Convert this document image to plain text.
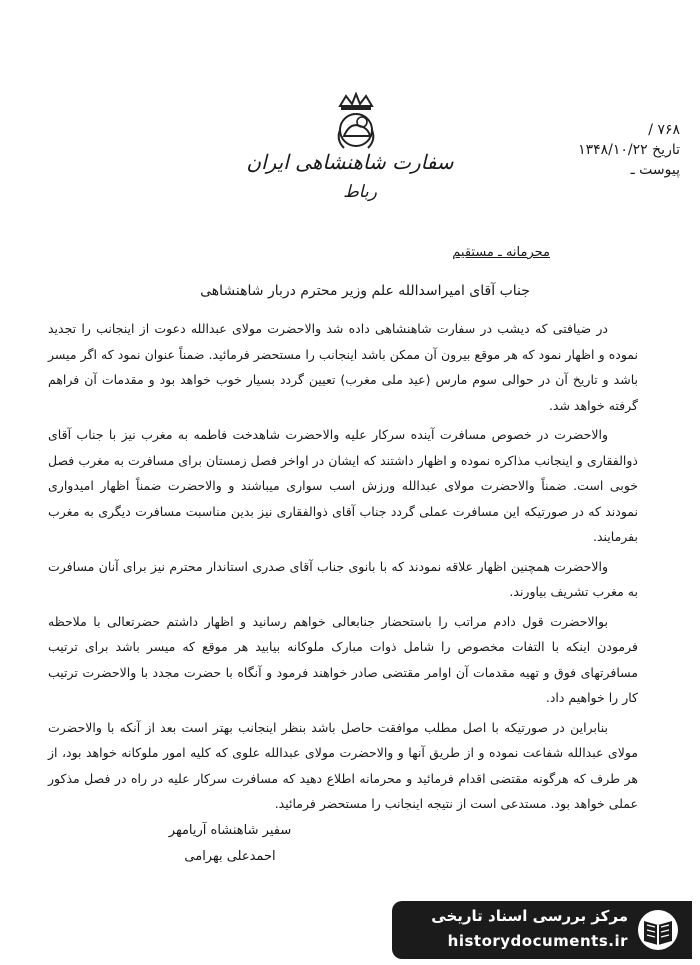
سفارت شاهنشاهی ایران
رباط
۷۶۸ /
تاریخ ۱۳۴۸/۱۰/۲۲
پیوست ـ
محرمانه ـ مستقیم
جناب آقای امیراسدالله علم وزیر محترم دربار شاهنشاهی

در ضیافتی که دیشب در سفارت شاهنشاهی داده شد والاحضرت مولای عبدالله دعوت از اینجانب را تجدید نموده و اظهار نمود که هر موقع بیرون آن ممکن باشد اینجانب را مستحضر فرمائید. ضمناً عنوان نمود که اگر میسر باشد و تاریخ آن در حوالی سوم مارس (عید ملی مغرب) تعیین گردد بسیار خوب خواهد بود و مقدمات آن فراهم گرفته خواهد شد.

والاحضرت در خصوص مسافرت آینده سرکار علیه والاحضرت شاهدخت فاطمه به مغرب نیز با جناب آقای ذوالفقاری و اینجانب مذاکره نموده و اظهار داشتند که ایشان در اواخر فصل زمستان برای مسافرت به مغرب فصل خوبی است. ضمناً والاحضرت مولای عبدالله ورزش اسب سواری میباشند و والاحضرت ضمناً اظهار امیدواری نمودند که در صورتیکه این مسافرت عملی گردد جناب آقای ذوالفقاری نیز بدین مناسبت مسافرت دیگری به مغرب بفرمایند.

والاحضرت همچنین اظهار علاقه نمودند که با بانوی جناب آقای صدری استاندار محترم نیز برای آنان مسافرت به مغرب تشریف بیاورند.

بوالاحضرت قول دادم مراتب را باستحضار جنابعالی خواهم رسانید و اظهار داشتم حضرتعالی با ملاحظه فرمودن اینکه با التفات مخصوص را شامل ذوات مبارک ملوکانه بیابید هر موقع که میسر باشد برای ترتیب مسافرتهای فوق و تهیه مقدمات آن اوامر مقتضی صادر خواهند فرمود و آنگاه با حضرت مجدد با والاحضرت ترتیب کار را خواهیم داد.

بنابراین در صورتیکه با اصل مطلب موافقت حاصل باشد بنظر اینجانب بهتر است بعد از آنکه با والاحضرت مولای عبدالله شفاعت نموده و از طریق آنها و والاحضرت مولای عبدالله علوی که کلیه امور ملوکانه خواهد بود، از هر طرف که هرگونه مقتضی اقدام فرمائید و محرمانه اطلاع دهید که مسافرت سرکار علیه در راه در فصل مذکور عملی خواهد بود. مستدعی است از نتیجه اینجانب را مستحضر فرمائید.

سفیر شاهنشاه آریامهر
احمدعلی بهرامی
مرکز بررسی اسناد تاریخی
historydocuments.ir
